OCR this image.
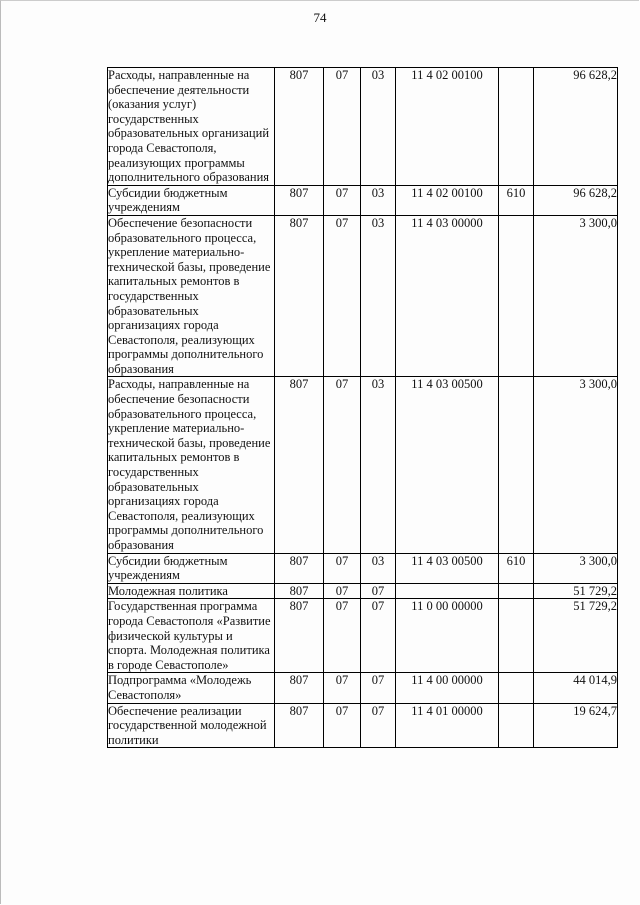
74
Расходы, направленные на обеспечение деятельности (оказания услуг) государственных образовательных организаций города Севастополя, реализующих программы дополнительного образования	807	07	03	11 4 02 00100		96 628,2
Субсидии бюджетным учреждениям	807	07	03	11 4 02 00100	610	96 628,2
Обеспечение безопасности образовательного процесса, укрепление материально-технической базы, проведение капитальных ремонтов в государственных образовательных организациях города Севастополя, реализующих программы дополнительного образования	807	07	03	11 4 03 00000		3 300,0
Расходы, направленные на обеспечение безопасности образовательного процесса, укрепление материально-технической базы, проведение капитальных ремонтов в государственных образовательных организациях города Севастополя, реализующих программы дополнительного образования	807	07	03	11 4 03 00500		3 300,0
Субсидии бюджетным учреждениям	807	07	03	11 4 03 00500	610	3 300,0
Молодежная политика	807	07	07			51 729,2
Государственная программа города Севастополя «Развитие физической культуры и спорта. Молодежная политика в городе Севастополе»	807	07	07	11 0 00 00000		51 729,2
Подпрограмма «Молодежь Севастополя»	807	07	07	11 4 00 00000		44 014,9
Обеспечение реализации государственной молодежной политики	807	07	07	11 4 01 00000		19 624,7
